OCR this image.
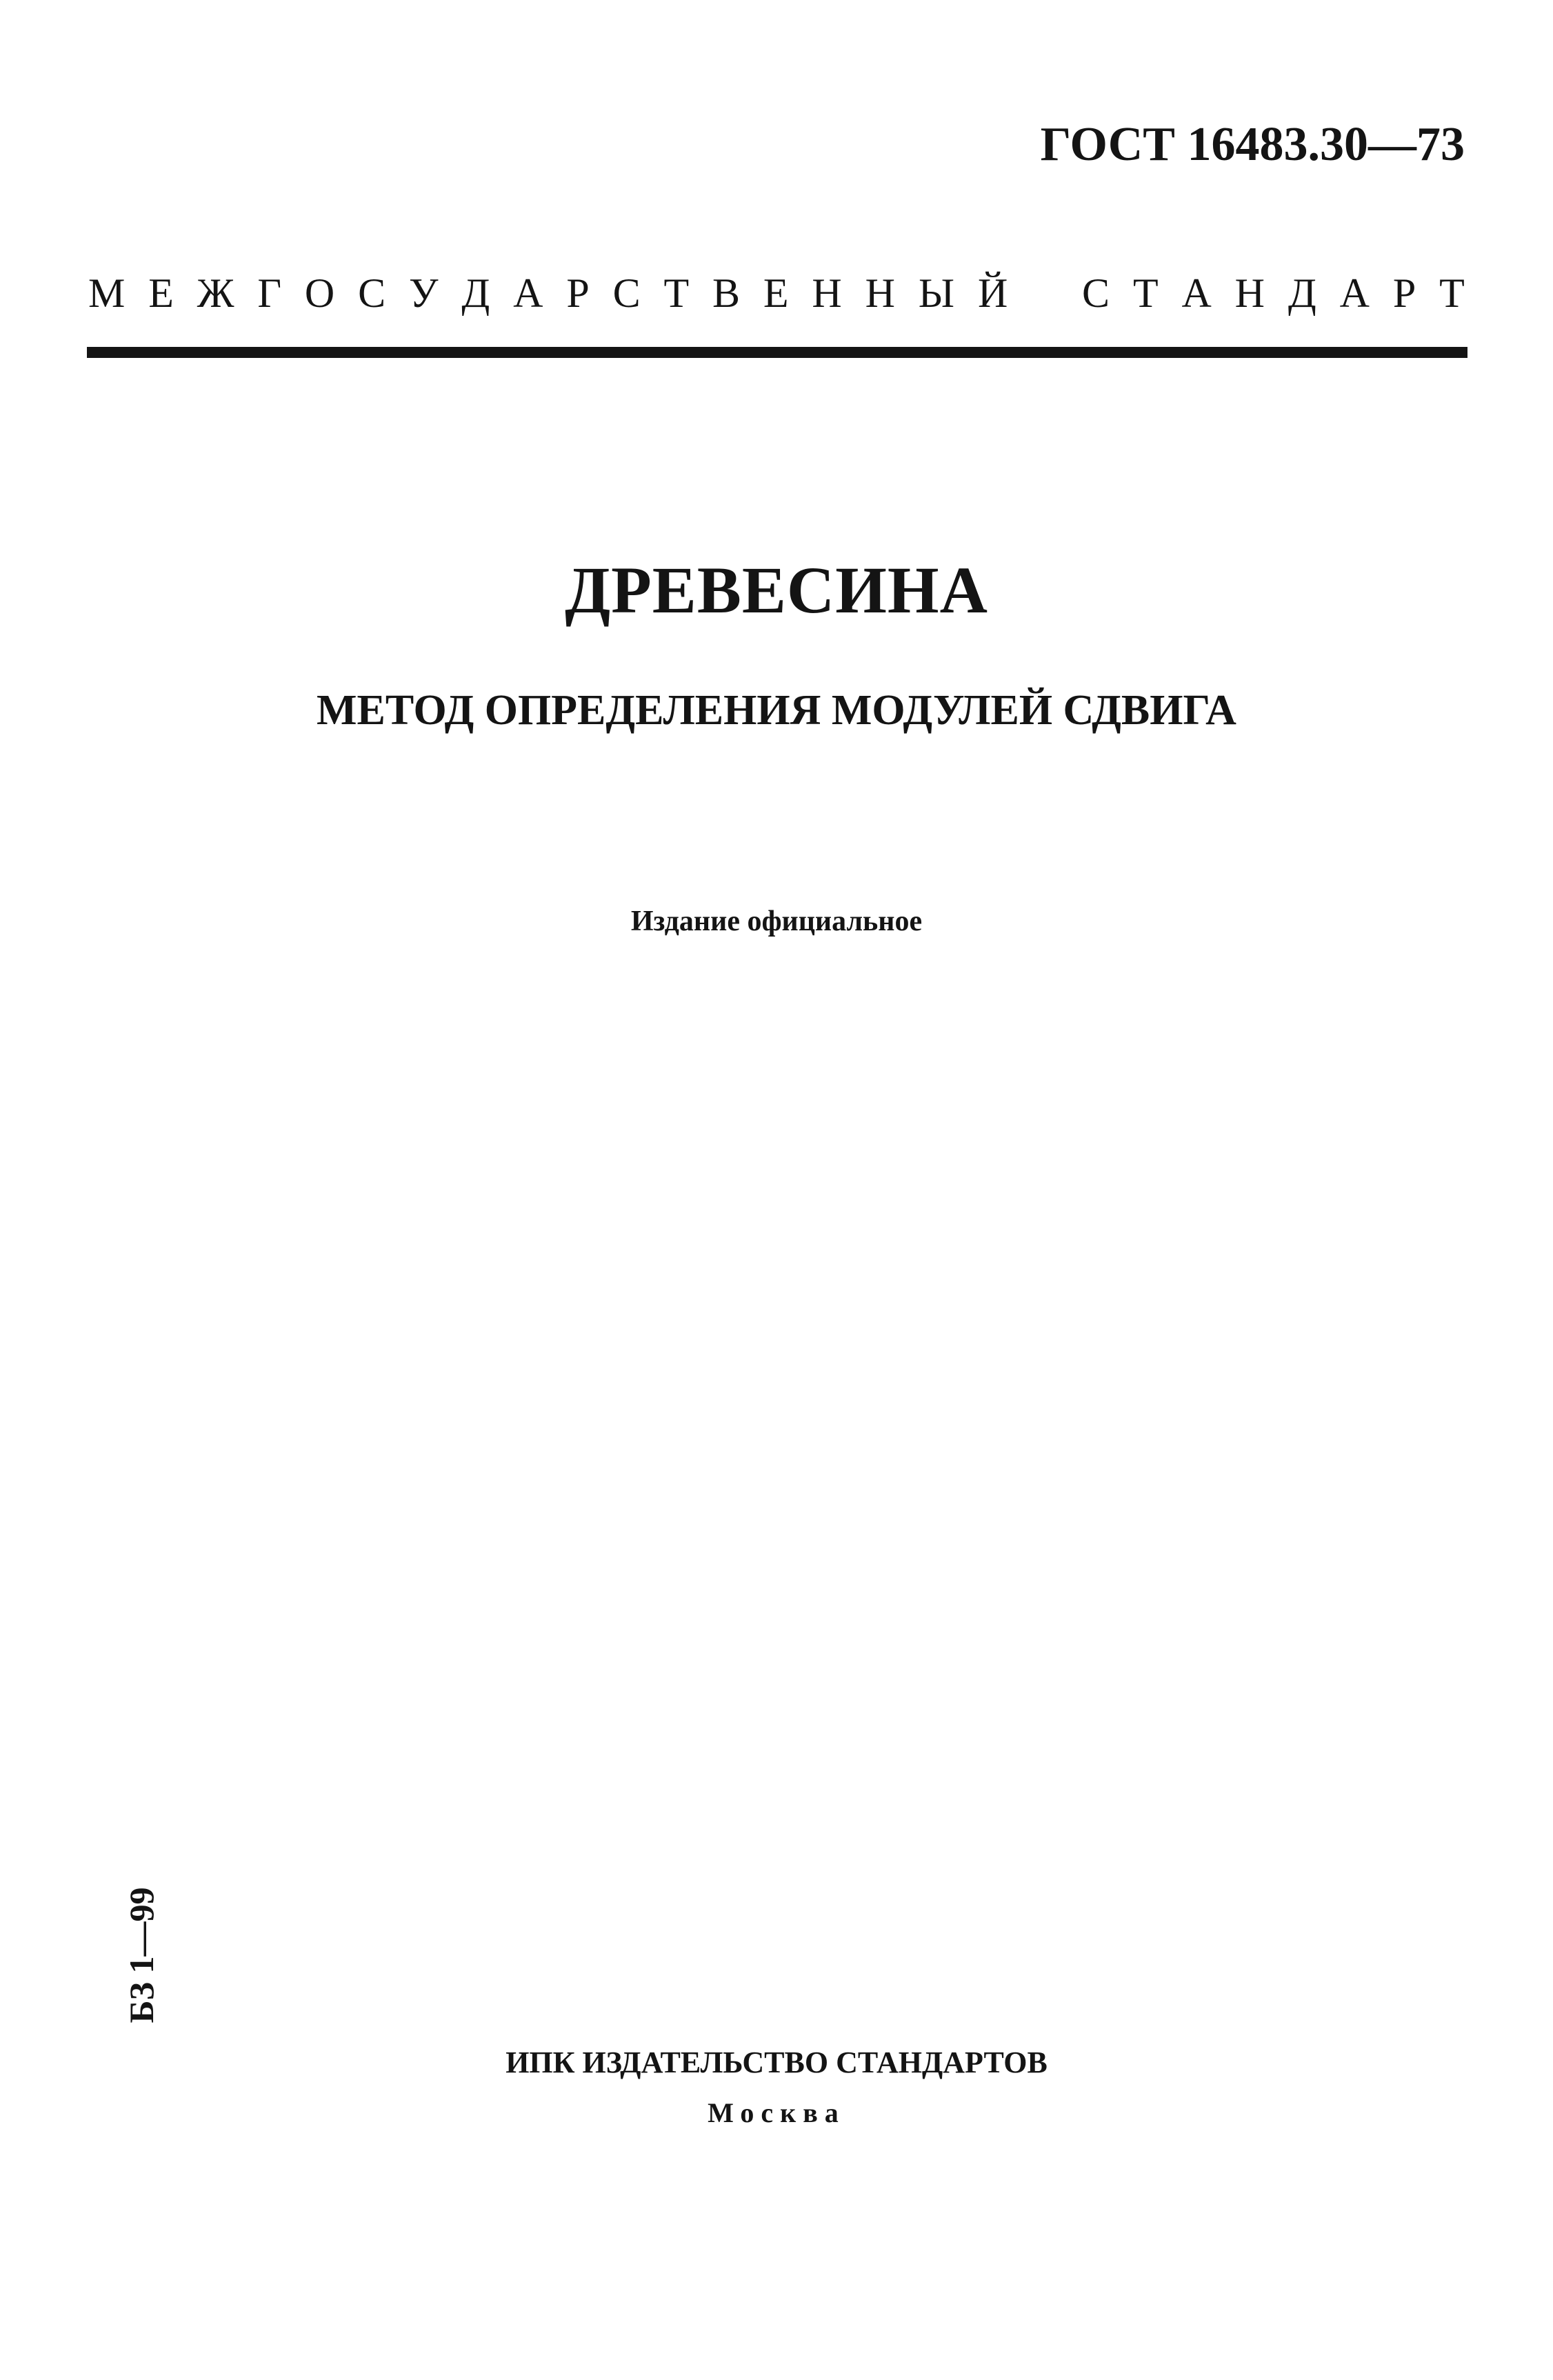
ГОСТ 16483.30—73
М Е Ж Г О С У Д А Р С Т В Е Н Н Ы Й С Т А Н Д А Р Т
ДРЕВЕСИНА
МЕТОД ОПРЕДЕЛЕНИЯ МОДУЛЕЙ СДВИГА
Издание официальное
БЗ 1—99
ИПК ИЗДАТЕЛЬСТВО СТАНДАРТОВ
Москва
